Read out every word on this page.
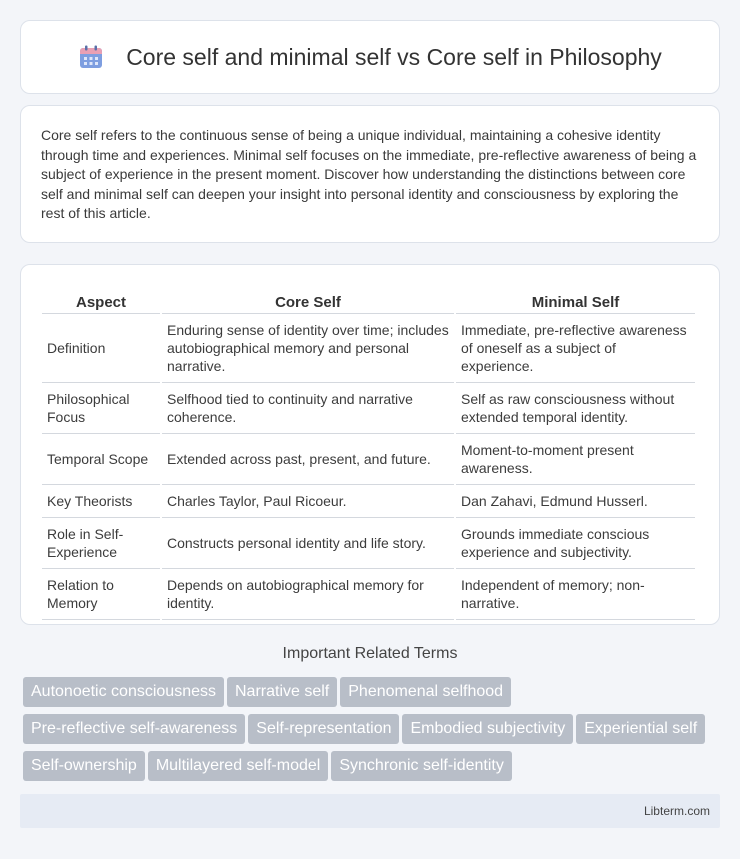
Core self and minimal self vs Core self in Philosophy

Core self refers to the continuous sense of being a unique individual, maintaining a cohesive identity through time and experiences. Minimal self focuses on the immediate, pre-reflective awareness of being a subject of experience in the present moment. Discover how understanding the distinctions between core self and minimal self can deepen your insight into personal identity and consciousness by exploring the rest of this article.

Aspect	Core Self	Minimal Self
Definition	Enduring sense of identity over time; includes autobiographical memory and personal narrative.	Immediate, pre-reflective awareness of oneself as a subject of experience.
Philosophical Focus	Selfhood tied to continuity and narrative coherence.	Self as raw consciousness without extended temporal identity.
Temporal Scope	Extended across past, present, and future.	Moment-to-moment present awareness.
Key Theorists	Charles Taylor, Paul Ricoeur.	Dan Zahavi, Edmund Husserl.
Role in Self-Experience	Constructs personal identity and life story.	Grounds immediate conscious experience and subjectivity.
Relation to Memory	Depends on autobiographical memory for identity.	Independent of memory; non-narrative.
Important Related Terms
Autonoetic consciousness Narrative self Phenomenal selfhood
Pre-reflective self-awareness Self-representation Embodied subjectivity Experiential self
Self-ownership Multilayered self-model Synchronic self-identity
Libterm.com
